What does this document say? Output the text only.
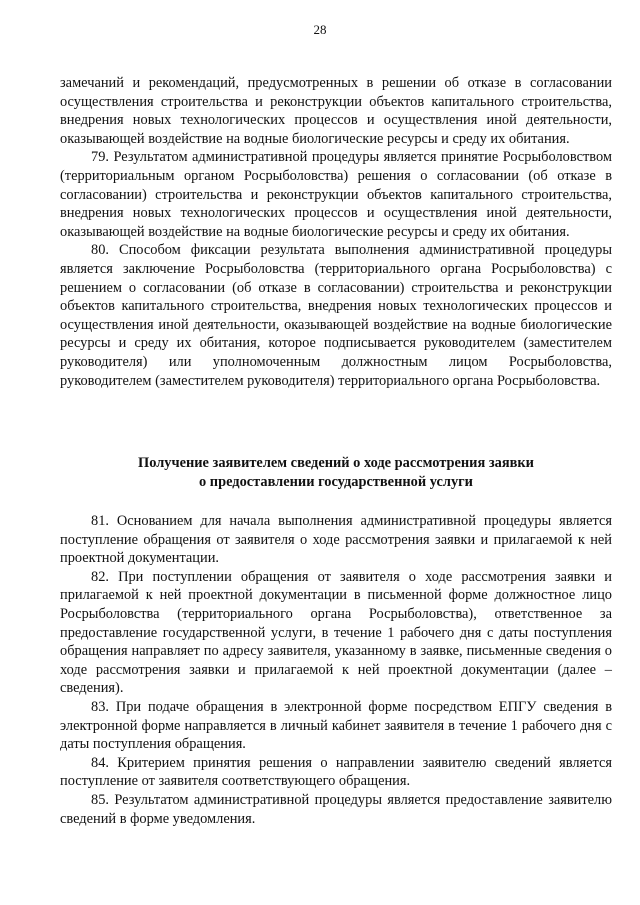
28

замечаний и рекомендаций, предусмотренных в решении об отказе в согласовании осуществления строительства и реконструкции объектов капитального строительства, внедрения новых технологических процессов и осуществления иной деятельности, оказывающей воздействие на водные биологические ресурсы и среду их обитания.

79. Результатом административной процедуры является принятие Росрыболовством (территориальным органом Росрыболовства) решения о согласовании (об отказе в согласовании) строительства и реконструкции объектов капитального строительства, внедрения новых технологических процессов и осуществления иной деятельности, оказывающей воздействие на водные биологические ресурсы и среду их обитания.

80. Способом фиксации результата выполнения административной процедуры является заключение Росрыболовства (территориального органа Росрыболовства) с решением о согласовании (об отказе в согласовании) строительства и реконструкции объектов капитального строительства, внедрения новых технологических процессов и осуществления иной деятельности, оказывающей воздействие на водные биологические ресурсы и среду их обитания, которое подписывается руководителем (заместителем руководителя) или уполномоченным должностным лицом Росрыболовства, руководителем (заместителем руководителя) территориального органа Росрыболовства.

Получение заявителем сведений о ходе рассмотрения заявки
о предоставлении государственной услуги

81. Основанием для начала выполнения административной процедуры является поступление обращения от заявителя о ходе рассмотрения заявки и прилагаемой к ней проектной документации.

82. При поступлении обращения от заявителя о ходе рассмотрения заявки и прилагаемой к ней проектной документации в письменной форме должностное лицо Росрыболовства (территориального органа Росрыболовства), ответственное за предоставление государственной услуги, в течение 1 рабочего дня с даты поступления обращения направляет по адресу заявителя, указанному в заявке, письменные сведения о ходе рассмотрения заявки и прилагаемой к ней проектной документации (далее – сведения).

83. При подаче обращения в электронной форме посредством ЕПГУ сведения в электронной форме направляется в личный кабинет заявителя в течение 1 рабочего дня с даты поступления обращения.

84. Критерием принятия решения о направлении заявителю сведений является поступление от заявителя соответствующего обращения.

85. Результатом административной процедуры является предоставление заявителю сведений в форме уведомления.
